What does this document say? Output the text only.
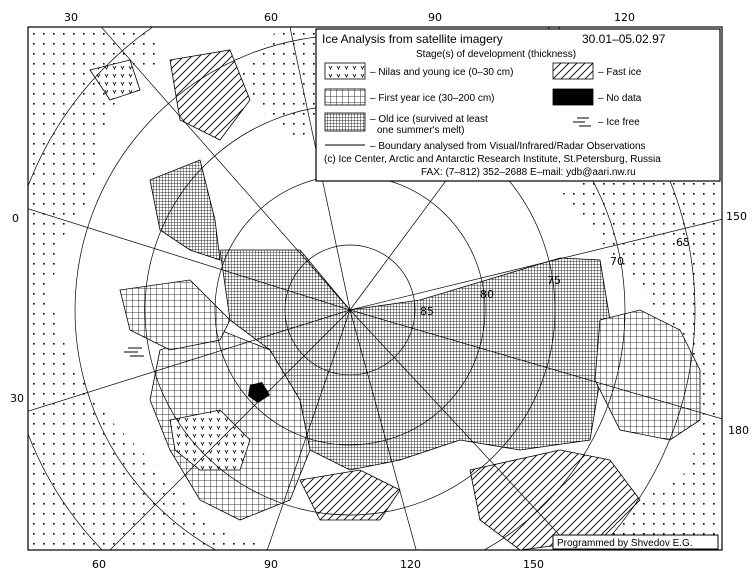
85
80
75
70
65
30	60	90	120
60	90	120	150
0
30
150
180
Ice Analysis from satellite imagery	30.01–05.02.97
Stage(s) of development (thickness)
– Nilas and young ice (0–30 cm)	– Fast ice
– First year ice (30–200 cm)	– No data
– Old ice (survived at least
one summer's melt)
– Ice free
– Boundary analysed from Visual/Infrared/Radar Observations
(c) Ice Center, Arctic and Antarctic Research Institute, St.Petersburg, Russia
FAX: (7–812) 352–2688 E–mail: ydb@aari.nw.ru
Programmed by Shvedov E.G.
